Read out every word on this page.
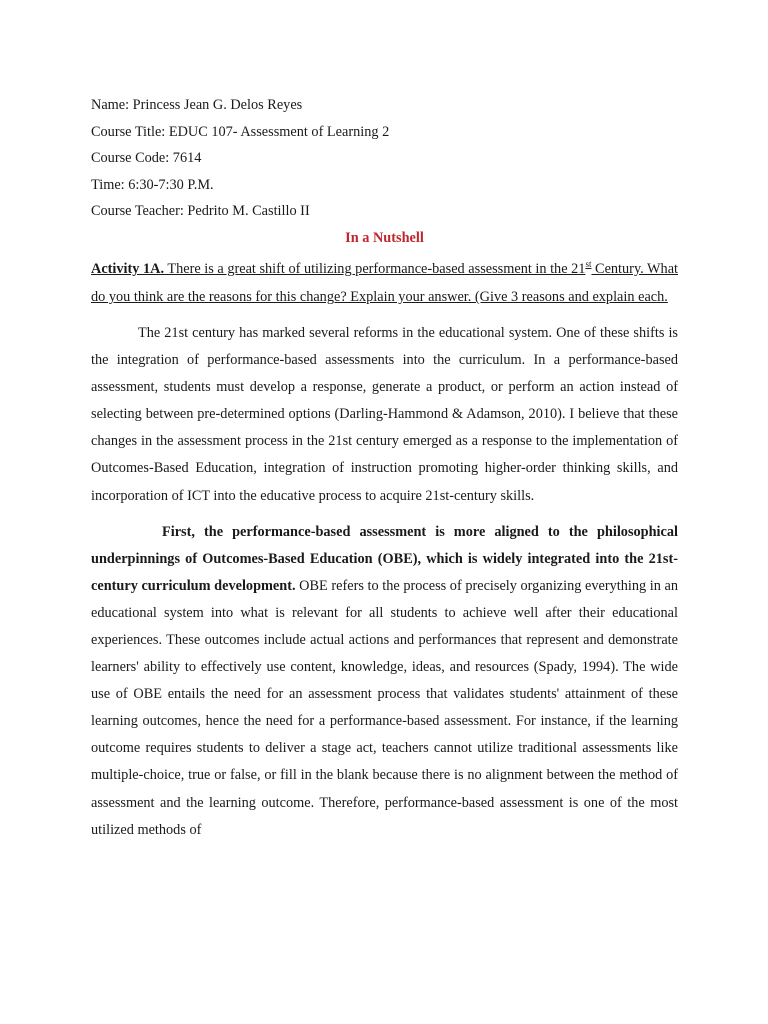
Name: Princess Jean G. Delos Reyes
Course Title: EDUC 107- Assessment of Learning 2
Course Code: 7614
Time: 6:30-7:30 P.M.
Course Teacher: Pedrito M. Castillo II
In a Nutshell

Activity 1A. There is a great shift of utilizing performance-based assessment in the 21st Century. What do you think are the reasons for this change? Explain your answer. (Give 3 reasons and explain each.

The 21st century has marked several reforms in the educational system. One of these shifts is the integration of performance-based assessments into the curriculum. In a performance-based assessment, students must develop a response, generate a product, or perform an action instead of selecting between pre-determined options (Darling-Hammond & Adamson, 2010). I believe that these changes in the assessment process in the 21st century emerged as a response to the implementation of Outcomes-Based Education, integration of instruction promoting higher-order thinking skills, and incorporation of ICT into the educative process to acquire 21st-century skills.

First, the performance-based assessment is more aligned to the philosophical underpinnings of Outcomes-Based Education (OBE), which is widely integrated into the 21st-century curriculum development. OBE refers to the process of precisely organizing everything in an educational system into what is relevant for all students to achieve well after their educational experiences. These outcomes include actual actions and performances that represent and demonstrate learners' ability to effectively use content, knowledge, ideas, and resources (Spady, 1994). The wide use of OBE entails the need for an assessment process that validates students' attainment of these learning outcomes, hence the need for a performance-based assessment. For instance, if the learning outcome requires students to deliver a stage act, teachers cannot utilize traditional assessments like multiple-choice, true or false, or fill in the blank because there is no alignment between the method of assessment and the learning outcome. Therefore, performance-based assessment is one of the most utilized methods of
